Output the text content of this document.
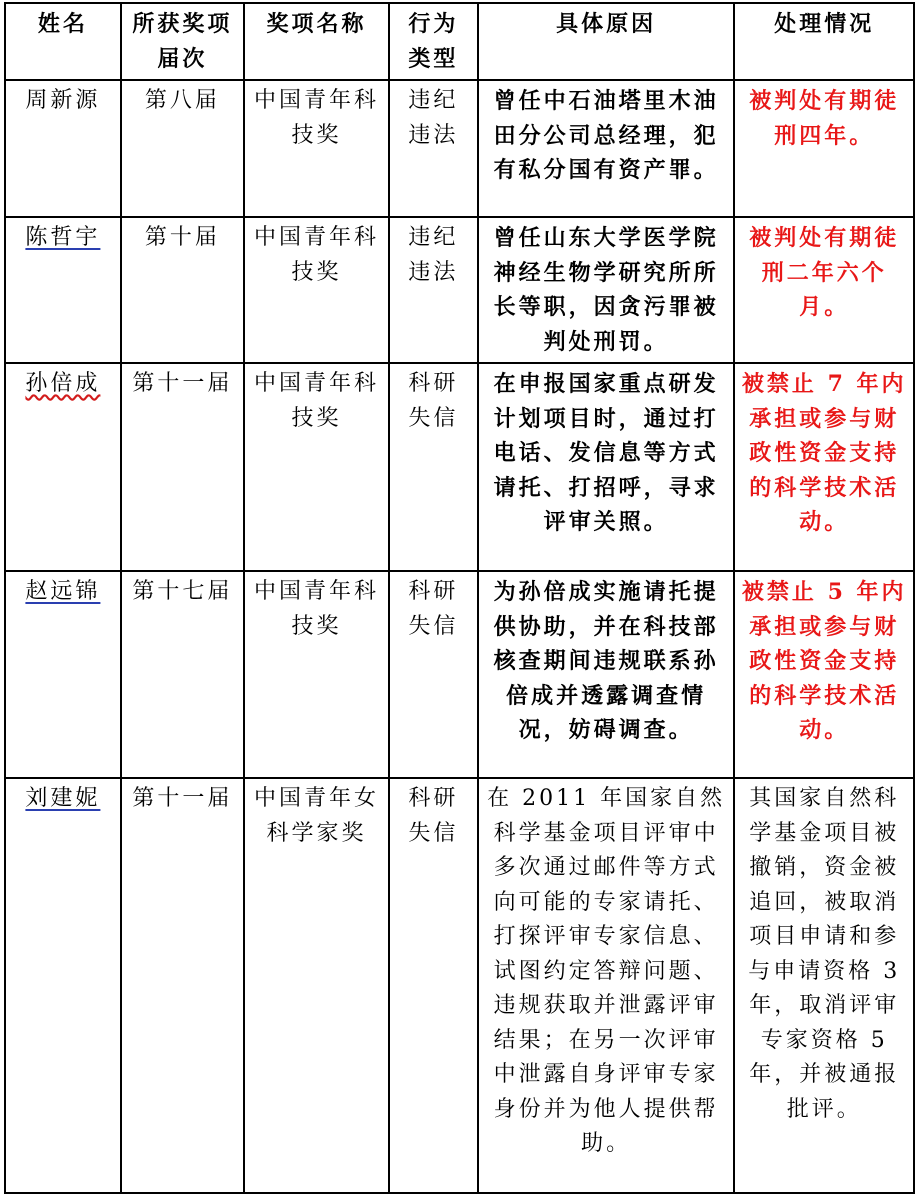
姓名	所获奖项届次	奖项名称	行为类型	具体原因	处理情况
周新源	第八届	中国青年科技奖	违纪违法	曾任中石油塔里木油田分公司总经理，犯有私分国有资产罪。	被判处有期徒刑四年。
陈哲宇	第十届	中国青年科技奖	违纪违法	曾任山东大学医学院神经生物学研究所所长等职，因贪污罪被判处刑罚。	被判处有期徒刑二年六个月。
孙倍成	第十一届	中国青年科技奖	科研失信	在申报国家重点研发计划项目时，通过打电话、发信息等方式请托、打招呼，寻求评审关照。	被禁止 7 年内承担或参与财政性资金支持的科学技术活动。
赵远锦	第十七届	中国青年科技奖	科研失信	为孙倍成实施请托提供协助，并在科技部核查期间违规联系孙倍成并透露调查情况，妨碍调查。	被禁止 5 年内承担或参与财政性资金支持的科学技术活动。
刘建妮	第十一届	中国青年女科学家奖	科研失信	在 2011 年国家自然科学基金项目评审中多次通过邮件等方式向可能的专家请托、打探评审专家信息、试图约定答辩问题、违规获取并泄露评审结果；在另一次评审中泄露自身评审专家身份并为他人提供帮助。	其国家自然科学基金项目被撤销，资金被追回，被取消项目申请和参与申请资格 3 年，取消评审专家资格 5 年，并被通报批评。
